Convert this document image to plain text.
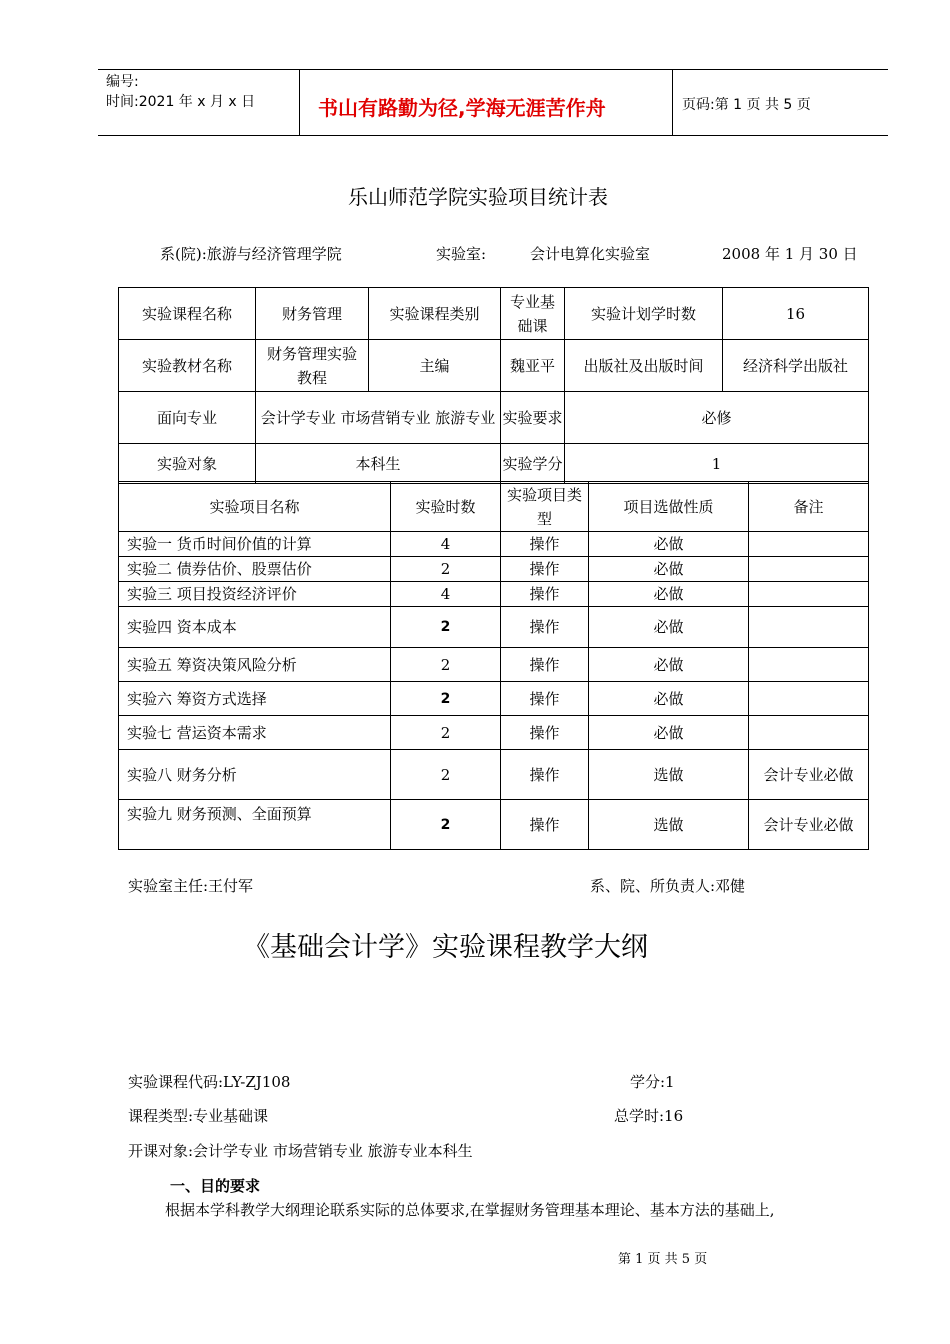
编号:
时间:2021 年 x 月 x 日	书山有路勤为径,学海无涯苦作舟	页码:第 1 页 共 5 页
乐山师范学院实验项目统计表
系(院):旅游与经济管理学院	实验室:	会计电算化实验室	2008 年 1 月 30 日
实验课程名称	财务管理	实验课程类别	专业基础课	实验计划学时数	16
实验教材名称	财务管理实验教程	主编	魏亚平	出版社及出版时间	经济科学出版社
面向专业	会计学专业 市场营销专业 旅游专业		实验要求	必修	
实验对象	本科生		实验学分	1	
实验项目名称	实验时数	实验项目类型	项目选做性质	备注
实验一 货币时间价值的计算	4	操作	必做	
实验二 债券估价、股票估价	2	操作	必做	
实验三 项目投资经济评价	4	操作	必做	
实验四 资本成本	2	操作	必做	
实验五 筹资决策风险分析	2	操作	必做	
实验六 筹资方式选择	2	操作	必做	
实验七 营运资本需求	2	操作	必做	
实验八 财务分析	2	操作	选做	会计专业必做
实验九 财务预测、全面预算	2	操作	选做	会计专业必做
实验室主任:王付军	系、院、所负责人:邓健
《基础会计学》实验课程教学大纲
实验课程代码:LY-ZJ108	学分:1
课程类型:专业基础课	总学时:16
开课对象:会计学专业 市场营销专业 旅游专业本科生
一、目的要求
根据本学科教学大纲理论联系实际的总体要求,在掌握财务管理基本理论、基本方法的基础上,
第 1 页 共 5 页
